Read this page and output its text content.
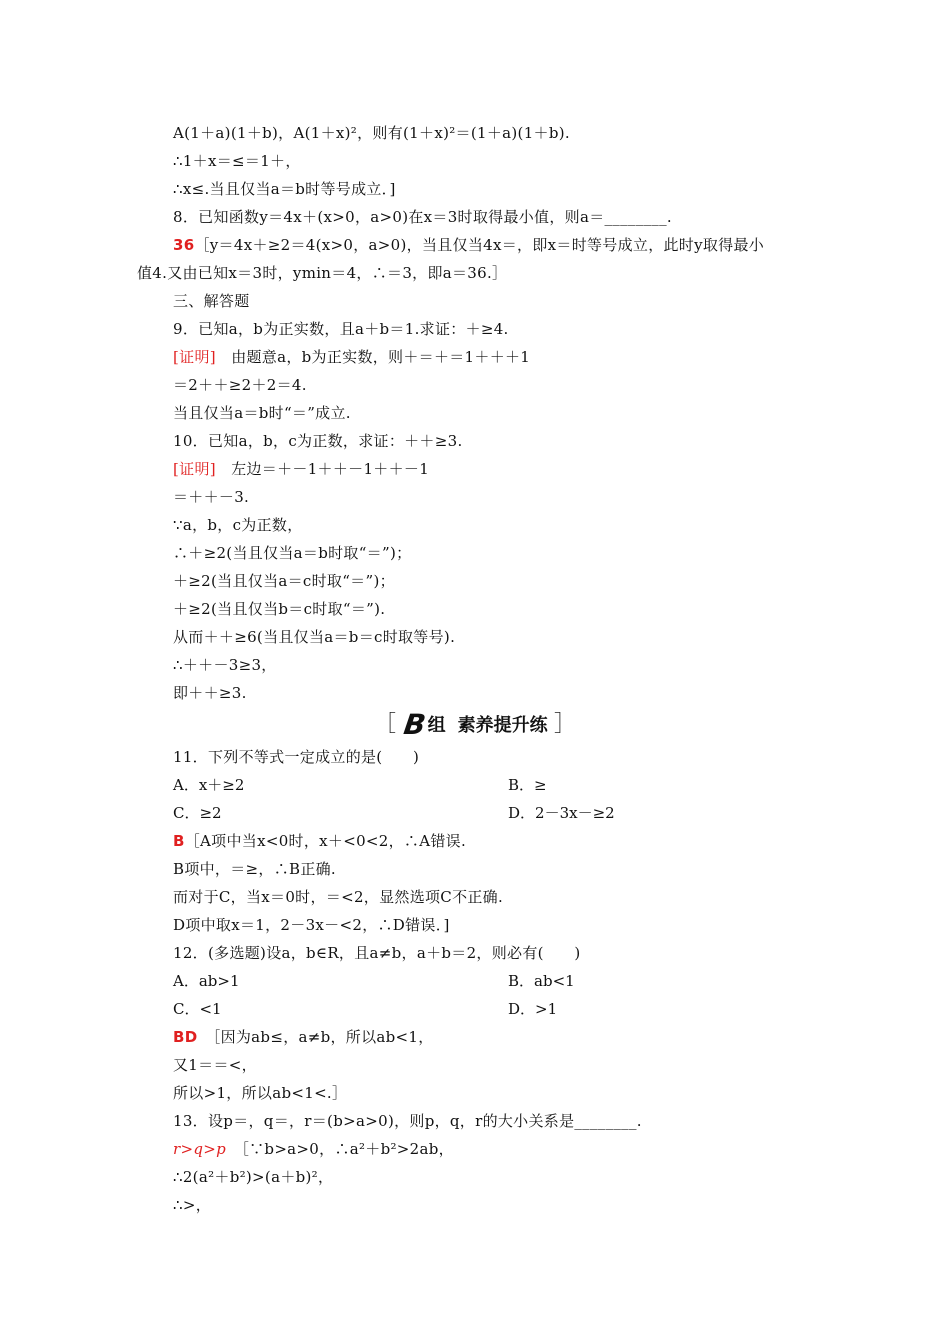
A(1＋a)(1＋b)，A(1＋x)²，则有(1＋x)²＝(1＋a)(1＋b).
∴1＋x＝≤＝1＋，
∴x≤.当且仅当a＝b时等号成立．]
8．已知函数y＝4x＋(x>0，a>0)在x＝3时取得最小值，则a＝________.
36［y＝4x＋≥2＝4(x>0，a>0)，当且仅当4x＝，即x＝时等号成立，此时y取得最小
值4.又由已知x＝3时，ymin＝4，∴＝3，即a＝36.］
三、解答题
9．已知a，b为正实数，且a＋b＝1.求证：＋≥4.
[证明]　由题意a，b为正实数，则＋＝＋＝1＋＋＋1
＝2＋＋≥2＋2＝4.
当且仅当a＝b时“＝”成立.
10．已知a，b，c为正数，求证：＋＋≥3.
[证明]　左边＝＋－1＋＋－1＋＋－1
＝＋＋－3.
∵a，b，c为正数，
∴＋≥2(当且仅当a＝b时取“＝”)；
＋≥2(当且仅当a＝c时取“＝”)；
＋≥2(当且仅当b＝c时取“＝”).
从而＋＋≥6(当且仅当a＝b＝c时取等号).
∴＋＋－3≥3，
即＋＋≥3.
11．下列不等式一定成立的是(　　)
B［A项中当x<0时，x＋<0<2，∴A错误.
B项中，＝≥，∴B正确.
而对于C，当x＝0时，＝<2，显然选项C不正确.
D项中取x＝1，2－3x－<2，∴D错误．]
12．(多选题)设a，b∈R，且a≠b，a＋b＝2，则必有(　　)
BD　［因为ab≤，a≠b，所以ab<1，
又1＝＝<，
所以>1，所以ab<1<.］
13．设p＝，q＝，r＝(b>a>0)，则p，q，r的大小关系是________.
r>q>p　［∵b>a>0，∴a²＋b²>2ab，
∴2(a²＋b²)>(a＋b)²，
∴>，
［ B组 素养提升练 ］
A．x＋≥2	B．≥
C．≥2	D．2－3x－≥2
A．ab>1	B．ab<1
C．<1	D．>1
